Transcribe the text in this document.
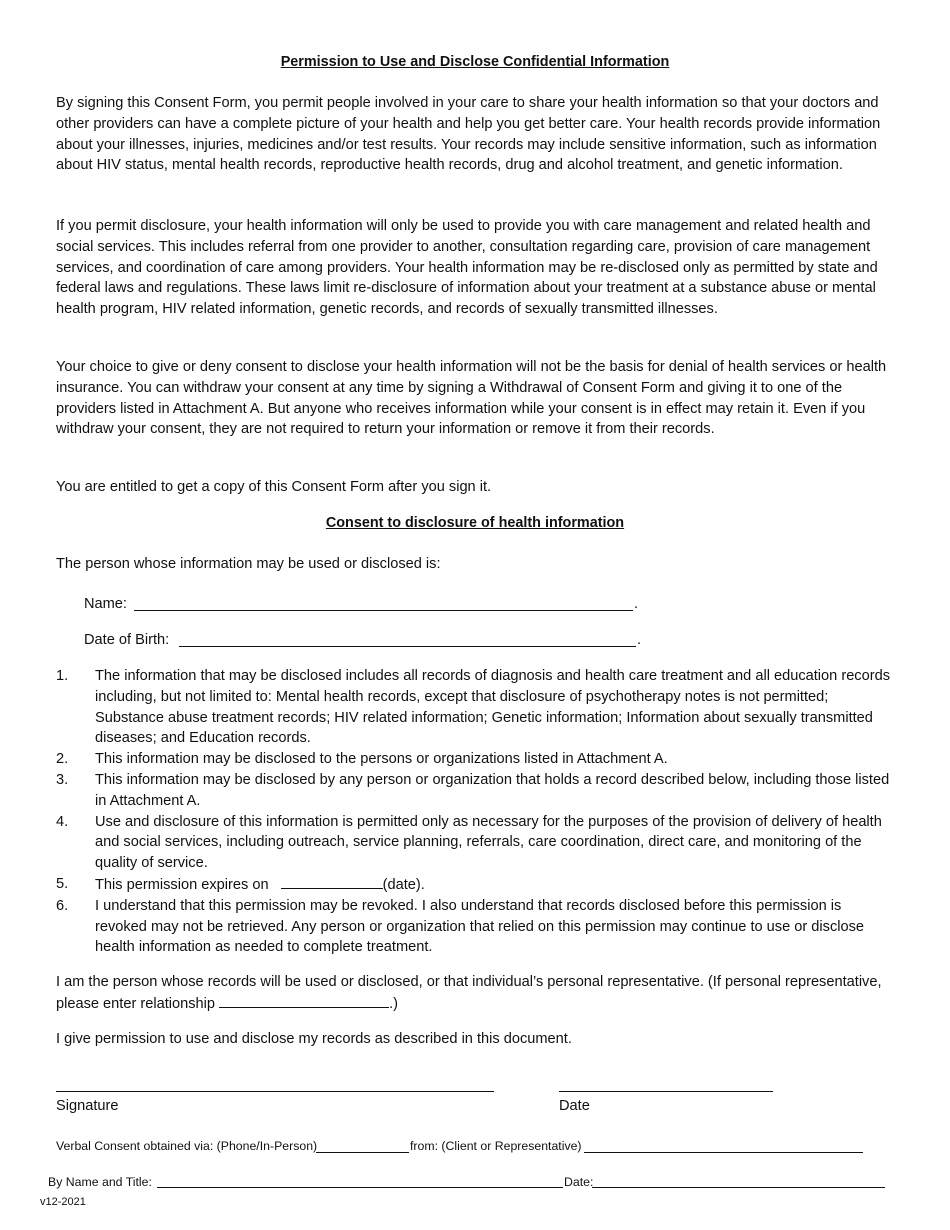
Permission to Use and Disclose Confidential Information

By signing this Consent Form, you permit people involved in your care to share your health information so that your doctors and other providers can have a complete picture of your health and help you get better care. Your health records provide information about your illnesses, injuries, medicines and/or test results. Your records may include sensitive information, such as information about HIV status, mental health records, reproductive health records, drug and alcohol treatment, and genetic information.

If you permit disclosure, your health information will only be used to provide you with care management and related health and social services. This includes referral from one provider to another, consultation regarding care, provision of care management services, and coordination of care among providers. Your health information may be re-disclosed only as permitted by state and federal laws and regulations. These laws limit re-disclosure of information about your treatment at a substance abuse or mental health program, HIV related information, genetic records, and records of sexually transmitted illnesses.

Your choice to give or deny consent to disclose your health information will not be the basis for denial of health services or health insurance. You can withdraw your consent at any time by signing a Withdrawal of Consent Form and giving it to one of the providers listed in Attachment A. But anyone who receives information while your consent is in effect may retain it. Even if you withdraw your consent, they are not required to return your information or remove it from their records.

You are entitled to get a copy of this Consent Form after you sign it.

Consent to disclosure of health information
The person whose information may be used or disclosed is:
Name:	.
Date of Birth:	.
1. The information that may be disclosed includes all records of diagnosis and health care treatment and all education records including, but not limited to: Mental health records, except that disclosure of psychotherapy notes is not permitted; Substance abuse treatment records; HIV related information; Genetic information; Information about sexually transmitted diseases; and Education records.
2. This information may be disclosed to the persons or organizations listed in Attachment A.
3. This information may be disclosed by any person or organization that holds a record described below, including those listed in Attachment A.
4. Use and disclosure of this information is permitted only as necessary for the purposes of the provision of delivery of health and social services, including outreach, service planning, referrals, care coordination, direct care, and monitoring of the quality of service.
5. This permission expires on	(date).
6. I understand that this permission may be revoked. I also understand that records disclosed before this permission is revoked may not be retrieved. Any person or organization that relied on this permission may continue to use or disclose health information as needed to complete treatment.

I am the person whose records will be used or disclosed, or that individual’s personal representative. (If personal representative, please enter relationship	.)

I give permission to use and disclose my records as described in this document.
Signature	Date
Verbal Consent obtained via: (Phone/In-Person)	from: (Client or Representative)
By Name and Title:	Date:
v12-2021
